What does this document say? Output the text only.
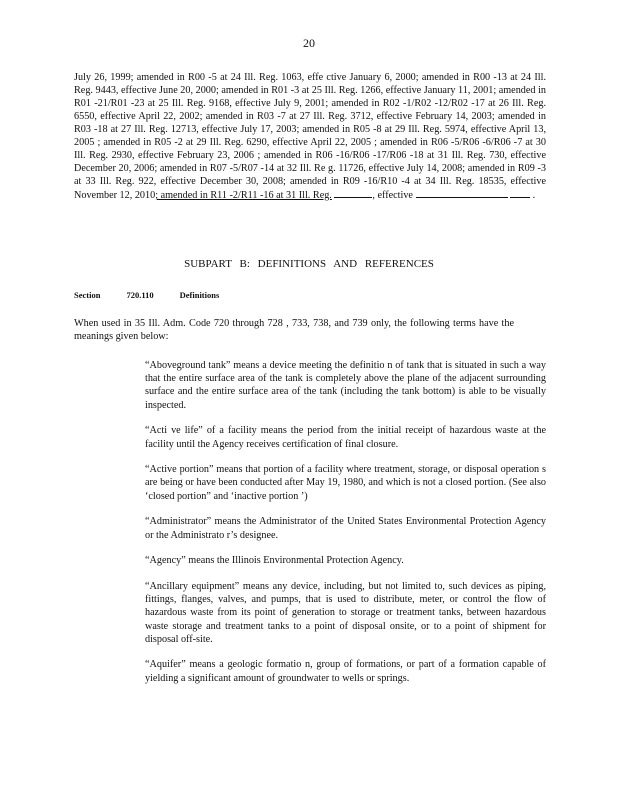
20

July 26, 1999; amended in R00 -5 at 24 Ill. Reg. 1063, effe ctive January 6, 2000; amended in R00 -13 at 24 Ill. Reg. 9443, effective June 20, 2000; amended in R01 -3 at 25 Ill. Reg. 1266, effective January 11, 2001; amended in R01 -21/R01 -23 at 25 Ill. Reg. 9168, effective July 9, 2001; amended in R02 -1/R02 -12/R02 -17 at 26 Ill. Reg. 6550, effective April 22, 2002; amended in R03 -7 at 27 Ill. Reg. 3712, effective February 14, 2003; amended in R03 -18 at 27 Ill. Reg. 12713, effective July 17, 2003; amended in R05 -8 at 29 Ill. Reg. 5974, effective April 13, 2005 ; amended in R05 -2 at 29 Ill. Reg. 6290, effective April 22, 2005 ; amended in R06 -5/R06 -6/R06 -7 at 30 Ill. Reg. 2930, effective February 23, 2006 ; amended in R06 -16/R06 -17/R06 -18 at 31 Ill. Reg. 730, effective December 20, 2006; amended in R07 -5/R07 -14 at 32 Ill. Re g. 11726, effective July 14, 2008; amended in R09 -3 at 33 Ill. Reg. 922, effective December 30, 2008; amended in R09 -16/R10 -4 at 34 Ill. Reg. 18535, effective November 12, 2010; amended in R11 -2/R11 -16 at 31 Ill. Reg.	, effective	.

SUBPART B: DEFINITIONS AND REFERENCES
Section	720.110	Definitions

When used in 35 Ill. Adm. Code 720 through 728 , 733, 738, and 739 only, the following terms have the meanings given below:

“Aboveground tank” means a device meeting the definitio n of tank that is situated in such a way that the entire surface area of the tank is completely above the plane of the adjacent surrounding surface and the entire surface area of the tank (including the tank bottom) is able to be visually inspected.
“Acti ve life” of a facility means the period from the initial receipt of hazardous waste at the facility until the Agency receives certification of final closure.
“Active portion” means that portion of a facility where treatment, storage, or disposal operation s are being or have been conducted after May 19, 1980, and which is not a closed portion. (See also ‘closed portion” and ‘inactive portion ’)
“Administrator” means the Administrator of the United States Environmental Protection Agency or the Administrato r’s designee.
“Agency” means the Illinois Environmental Protection Agency.
“Ancillary equipment” means any device, including, but not limited to, such devices as piping, fittings, flanges, valves, and pumps, that is used to distribute, meter, or control the flow of hazardous waste from its point of generation to storage or treatment tanks, between hazardous waste storage and treatment tanks to a point of disposal onsite, or to a point of shipment for disposal off-site.
“Aquifer” means a geologic formatio n, group of formations, or part of a formation capable of yielding a significant amount of groundwater to wells or springs.
